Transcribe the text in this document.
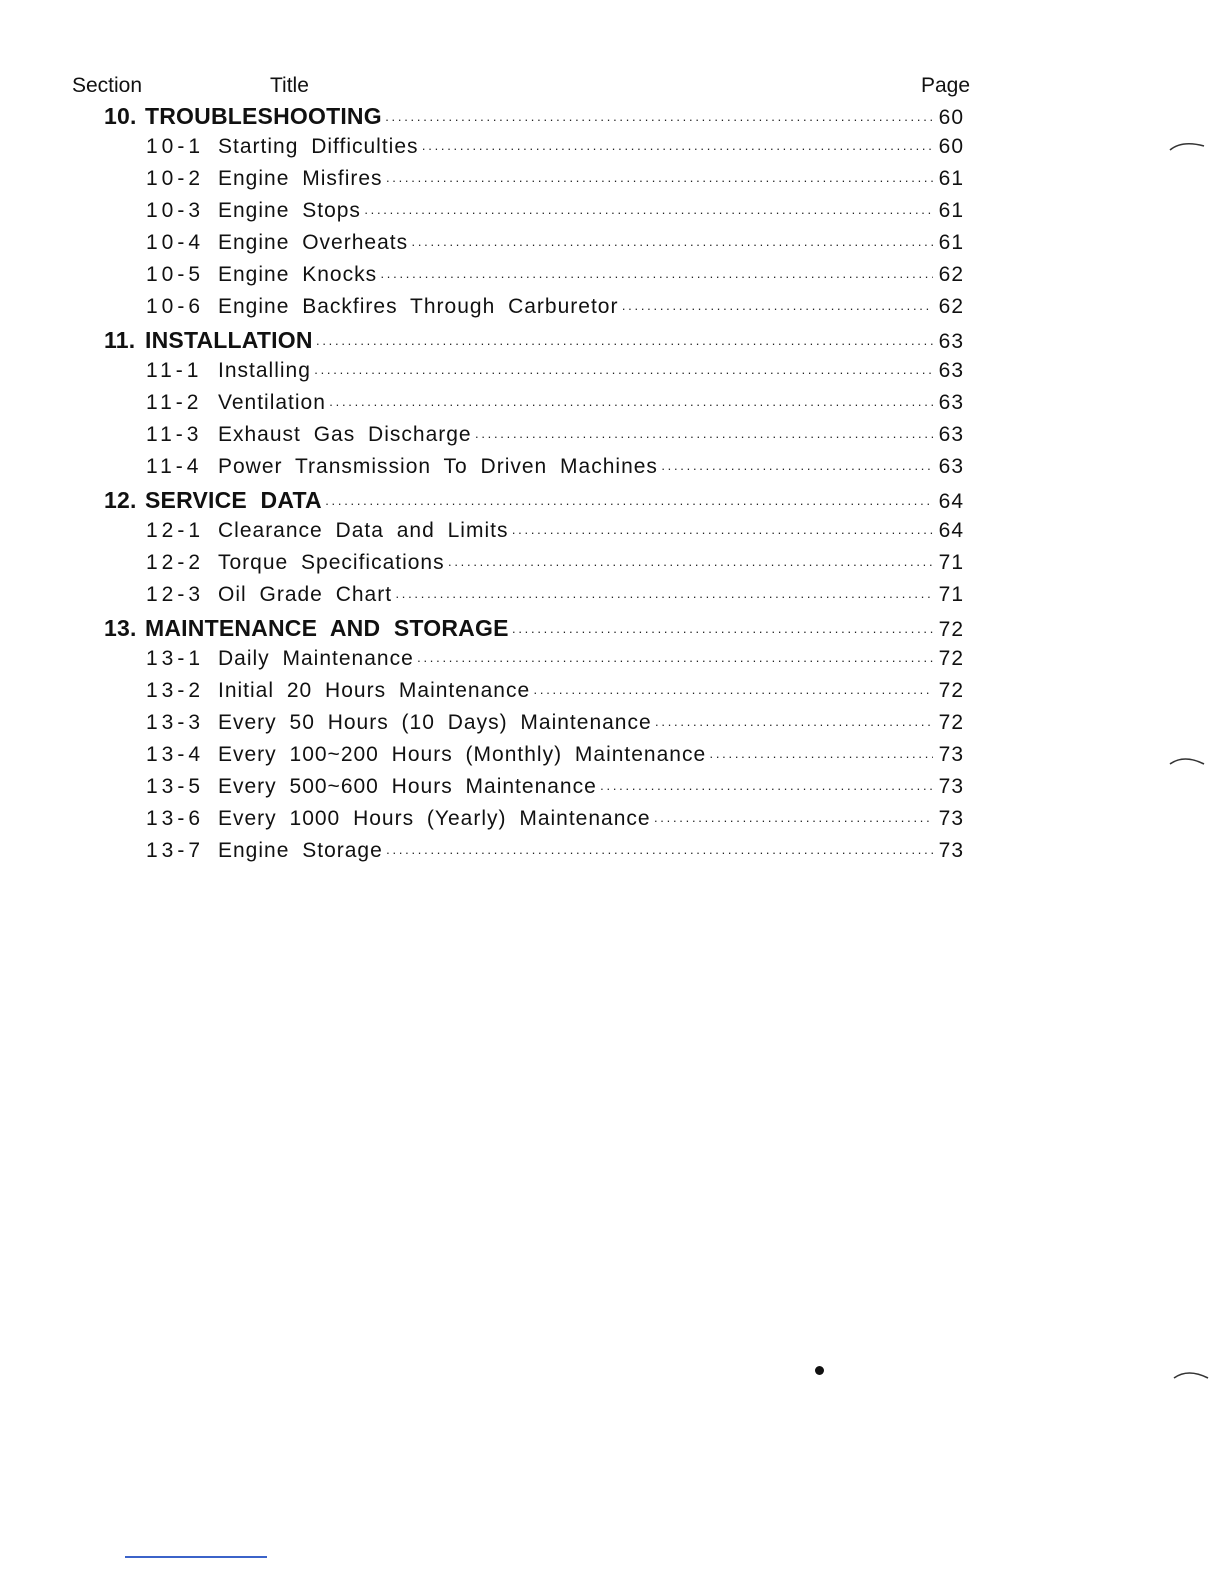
Section	Title	Page
10. TROUBLESHOOTING ·····	60
10-1 Starting Difficulties ·····	60
10-2 Engine Misfires ·····	61
10-3 Engine Stops ·····	61
10-4 Engine Overheats ·····	61
10-5 Engine Knocks ·····	62
10-6 Engine Backfires Through Carburetor ·····	62
11. INSTALLATION ·····	63
11-1 Installing ·····	63
11-2 Ventilation ·····	63
11-3 Exhaust Gas Discharge ·····	63
11-4 Power Transmission To Driven Machines ·····	63
12. SERVICE DATA ·····	64
12-1 Clearance Data and Limits ·····	64
12-2 Torque Specifications ·····	71
12-3 Oil Grade Chart ·····	71
13. MAINTENANCE AND STORAGE ·····	72
13-1 Daily Maintenance ·····	72
13-2 Initial 20 Hours Maintenance ·····	72
13-3 Every 50 Hours (10 Days) Maintenance ·····	72
13-4 Every 100~200 Hours (Monthly) Maintenance ·····	73
13-5 Every 500~600 Hours Maintenance ·····	73
13-6 Every 1000 Hours (Yearly) Maintenance ·····	73
13-7 Engine Storage ·····	73
